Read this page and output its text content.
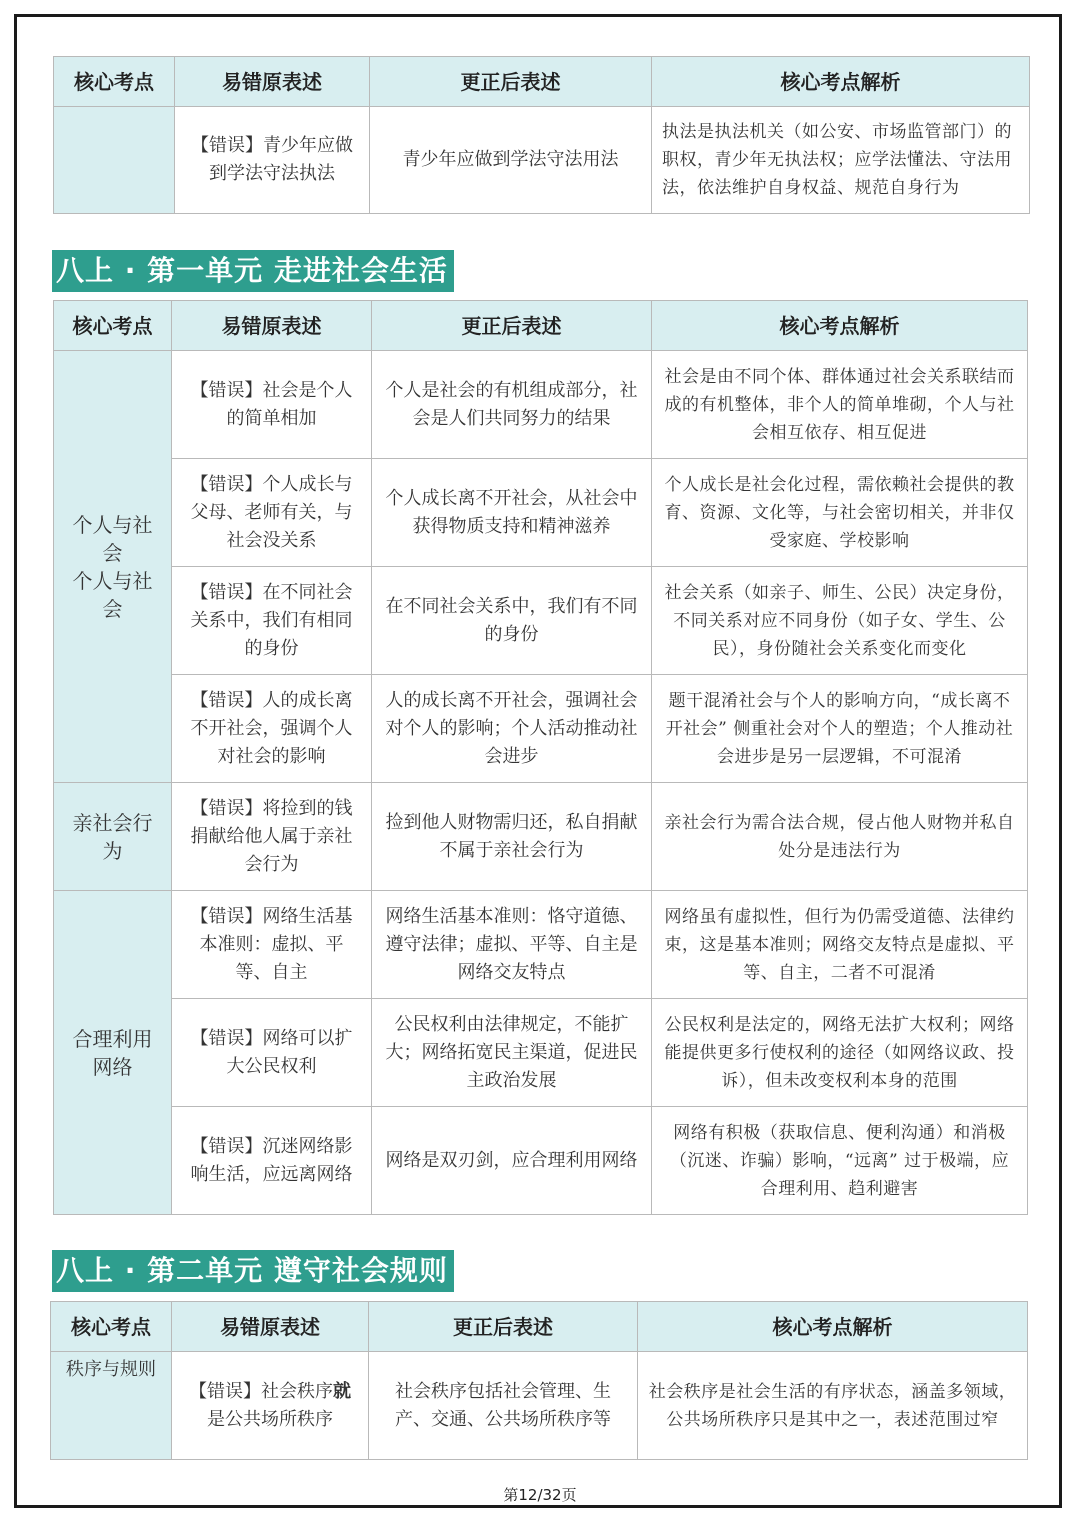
核心考点	易错原表述	更正后表述	核心考点解析
	【错误】青少年应做到学法守法执法	青少年应做到学法守法用法	执法是执法机关（如公安、市场监管部门）的职权，青少年无执法权；应学法懂法、守法用法，依法维护自身权益、规范自身行为
八上 · 第一单元 走进社会生活
核心考点	易错原表述	更正后表述	核心考点解析

个人与社会
个人与社会	【错误】社会是个人的简单相加	个人是社会的有机组成部分，社会是人们共同努力的结果	社会是由不同个体、群体通过社会关系联结而成的有机整体，非个人的简单堆砌，个人与社会相互依存、相互促进
	【错误】个人成长与父母、老师有关，与社会没关系	个人成长离不开社会，从社会中获得物质支持和精神滋养	个人成长是社会化过程，需依赖社会提供的教育、资源、文化等，与社会密切相关，并非仅受家庭、学校影响
	【错误】在不同社会关系中，我们有相同的身份	在不同社会关系中，我们有不同的身份	社会关系（如亲子、师生、公民）决定身份，不同关系对应不同身份（如子女、学生、公民），身份随社会关系变化而变化
	【错误】人的成长离不开社会，强调个人对社会的影响	人的成长离不开社会，强调社会对个人的影响；个人活动推动社会进步	题干混淆社会与个人的影响方向，“成长离不开社会” 侧重社会对个人的塑造；个人推动社会进步是另一层逻辑，不可混淆
亲社会行为	【错误】将捡到的钱捐献给他人属于亲社会行为	捡到他人财物需归还，私自捐献不属于亲社会行为	亲社会行为需合法合规，侵占他人财物并私自处分是违法行为
合理利用网络	【错误】网络生活基本准则：虚拟、平等、自主	网络生活基本准则：恪守道德、遵守法律；虚拟、平等、自主是网络交友特点	网络虽有虚拟性，但行为仍需受道德、法律约束，这是基本准则；网络交友特点是虚拟、平等、自主，二者不可混淆
	【错误】网络可以扩大公民权利	公民权利由法律规定，不能扩大；网络拓宽民主渠道，促进民主政治发展	公民权利是法定的，网络无法扩大权利；网络能提供更多行使权利的途径（如网络议政、投诉），但未改变权利本身的范围
	【错误】沉迷网络影响生活，应远离网络	网络是双刃剑，应合理利用网络	网络有积极（获取信息、便利沟通）和消极（沉迷、诈骗）影响，“远离” 过于极端，应合理利用、趋利避害
八上 · 第二单元 遵守社会规则
核心考点	易错原表述	更正后表述	核心考点解析
秩序与规则	【错误】社会秩序就是公共场所秩序	社会秩序包括社会管理、生产、交通、公共场所秩序等	社会秩序是社会生活的有序状态，涵盖多领域，公共场所秩序只是其中之一，表述范围过窄
第12/32页
